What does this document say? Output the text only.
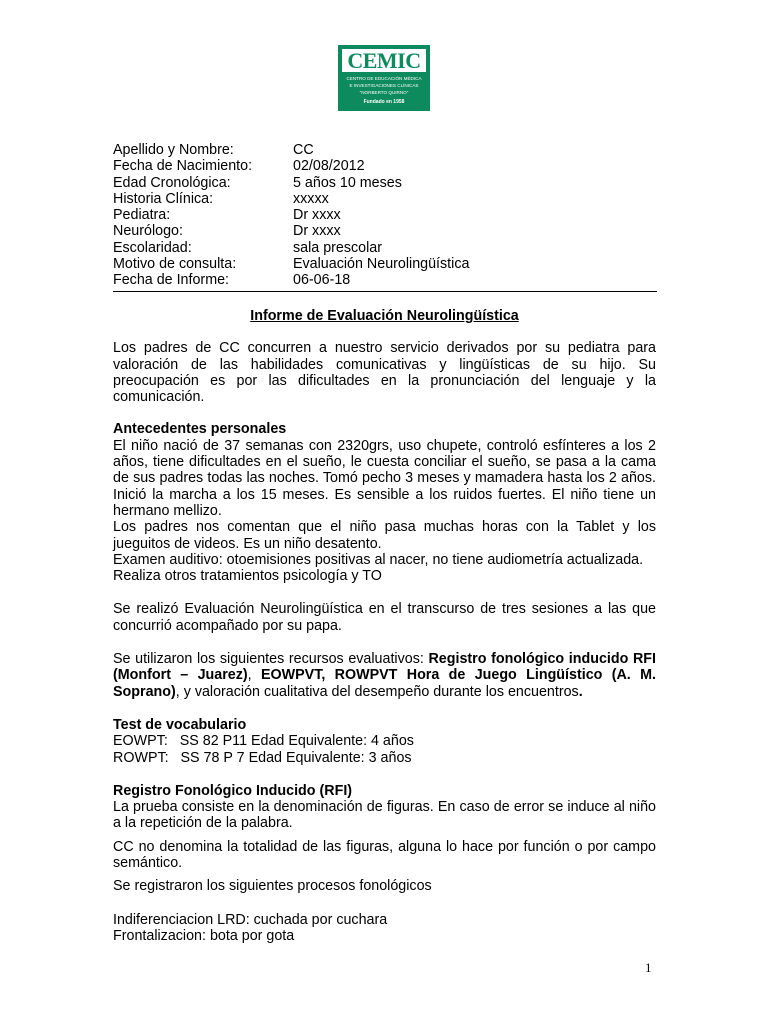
CEMIC
CENTRO DE EDUCACIÓN MÉDICA
E INVESTIGACIONES CLÍNICAS
"NORBERTO QUIRNO"
Fundado en 1958
Apellido y Nombre:	CC
Fecha de Nacimiento:	02/08/2012
Edad Cronológica:	5 años 10 meses
Historia Clínica:	xxxxx
Pediatra:	Dr xxxx
Neurólogo:	Dr xxxx
Escolaridad:	sala prescolar
Motivo de consulta:	Evaluación Neurolingüística
Fecha de Informe:	06-06-18
Informe de Evaluación Neurolingüística

Los padres de CC concurren a nuestro servicio derivados por su pediatra para valoración de las habilidades comunicativas y lingüísticas de su hijo. Su preocupación es por las dificultades en la pronunciación del lenguaje y la comunicación.

Antecedentes personales

El niño nació de 37 semanas con 2320grs, uso chupete, controló esfínteres a los 2 años, tiene dificultades en el sueño, le cuesta conciliar el sueño, se pasa a la cama de sus padres todas las noches. Tomó pecho 3 meses y mamadera hasta los 2 años. Inició la marcha a los 15 meses. Es sensible a los ruidos fuertes. El niño tiene un hermano mellizo.

Los padres nos comentan que el niño pasa muchas horas con la Tablet y los jueguitos de videos. Es un niño desatento.

Examen auditivo: otoemisiones positivas al nacer, no tiene audiometría actualizada.

Realiza otros tratamientos psicología y TO

Se realizó Evaluación Neurolingüística en el transcurso de tres sesiones a las que concurrió acompañado por su papa.

Se utilizaron los siguientes recursos evaluativos: Registro fonológico inducido RFI (Monfort – Juarez), EOWPVT, ROWPVT Hora de Juego Lingüístico (A. M. Soprano), y valoración cualitativa del desempeño durante los encuentros.

Test de vocabulario

EOWPT:   SS 82 P11 Edad Equivalente: 4 años

ROWPT:   SS 78 P 7 Edad Equivalente: 3 años

Registro Fonológico Inducido (RFI)

La prueba consiste en la denominación de figuras. En caso de error se induce al niño a la repetición de la palabra.

CC no denomina la totalidad de las figuras, alguna lo hace por función o por campo semántico.

Se registraron los siguientes procesos fonológicos

Indiferenciacion LRD: cuchada por cuchara

Frontalizacion: bota por gota

1
